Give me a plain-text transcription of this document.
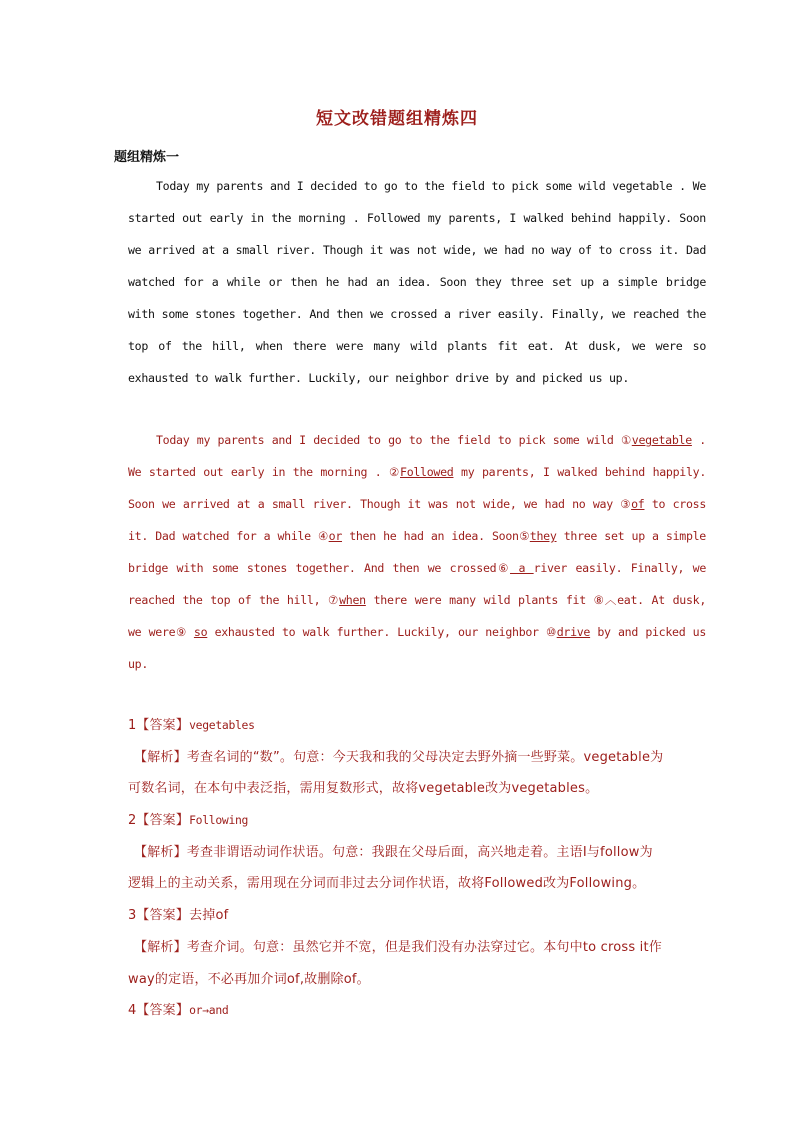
短文改错题组精炼四
题组精炼一
Today my parents and I decided to go to the field to pick some wild vegetable . We started out early in the morning . Followed my parents, I walked behind happily. Soon we arrived at a small river. Though it was not wide, we had no way of to cross it. Dad watched for a while or then he had an idea. Soon they three set up a simple bridge with some stones together. And then we crossed a river easily. Finally, we reached the top of the hill, when there were many wild plants fit eat. At dusk, we were so exhausted to walk further. Luckily, our neighbor drive by and picked us up.
Today my parents and I decided to go to the field to pick some wild ①vegetable . We started out early in the morning . ②Followed my parents, I walked behind happily. Soon we arrived at a small river. Though it was not wide, we had no way ③of to cross it. Dad watched for a while ④or then he had an idea. Soon⑤they three set up a simple bridge with some stones together. And then we crossed⑥ a river easily. Finally, we reached the top of the hill, ⑦when there were many wild plants fit ⑧︿eat. At dusk, we were⑨ so exhausted to walk further. Luckily, our neighbor ⑩drive by and picked us up.
1【答案】vegetables
【解析】考查名词的“数”。句意：今天我和我的父母决定去野外摘一些野菜。vegetable为
可数名词，在本句中表泛指，需用复数形式，故将vegetable改为vegetables。
2【答案】Following
【解析】考查非谓语动词作状语。句意：我跟在父母后面，高兴地走着。主语I与follow为
逻辑上的主动关系，需用现在分词而非过去分词作状语，故将Followed改为Following。
3【答案】去掉of
【解析】考查介词。句意：虽然它并不宽，但是我们没有办法穿过它。本句中to cross it作
way的定语，不必再加介词of,故删除of。
4【答案】or→and
